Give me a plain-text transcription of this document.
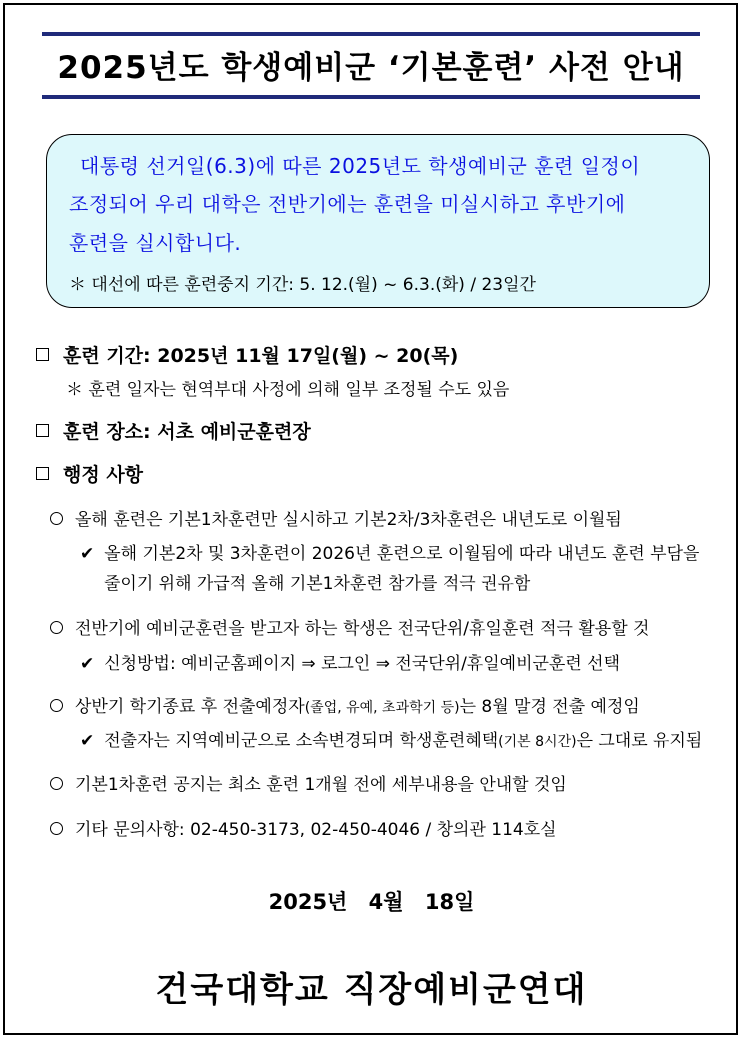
2025년도 학생예비군 ‘기본훈련’ 사전 안내
대통령 선거일(6.3)에 따른 2025년도 학생예비군 훈련 일정이
조정되어 우리 대학은 전반기에는 훈련을 미실시하고 후반기에
훈련을 실시합니다.
＊ 대선에 따른 훈련중지 기간: 5. 12.(월) ~ 6.3.(화) / 23일간
훈련 기간: 2025년 11월 17일(월) ~ 20(목)
＊ 훈련 일자는 현역부대 사정에 의해 일부 조정될 수도 있음
훈련 장소: 서초 예비군훈련장
행정 사항
올해 훈련은 기본1차훈련만 실시하고 기본2차/3차훈련은 내년도로 이월됨
✔ 올해 기본2차 및 3차훈련이 2026년 훈련으로 이월됨에 따라 내년도 훈련 부담을
줄이기 위해 가급적 올해 기본1차훈련 참가를 적극 권유함
전반기에 예비군훈련을 받고자 하는 학생은 전국단위/휴일훈련 적극 활용할 것
✔ 신청방법: 예비군홈페이지 ⇒ 로그인 ⇒ 전국단위/휴일예비군훈련 선택
상반기 학기종료 후 전출예정자(졸업, 유예, 초과학기 등)는 8월 말경 전출 예정임
✔ 전출자는 지역예비군으로 소속변경되며 학생훈련혜택(기본 8시간)은 그대로 유지됨
기본1차훈련 공지는 최소 훈련 1개월 전에 세부내용을 안내할 것임
기타 문의사항: 02-450-3173, 02-450-4046 / 창의관 114호실
2025년 4월 18일
건국대학교 직장예비군연대
